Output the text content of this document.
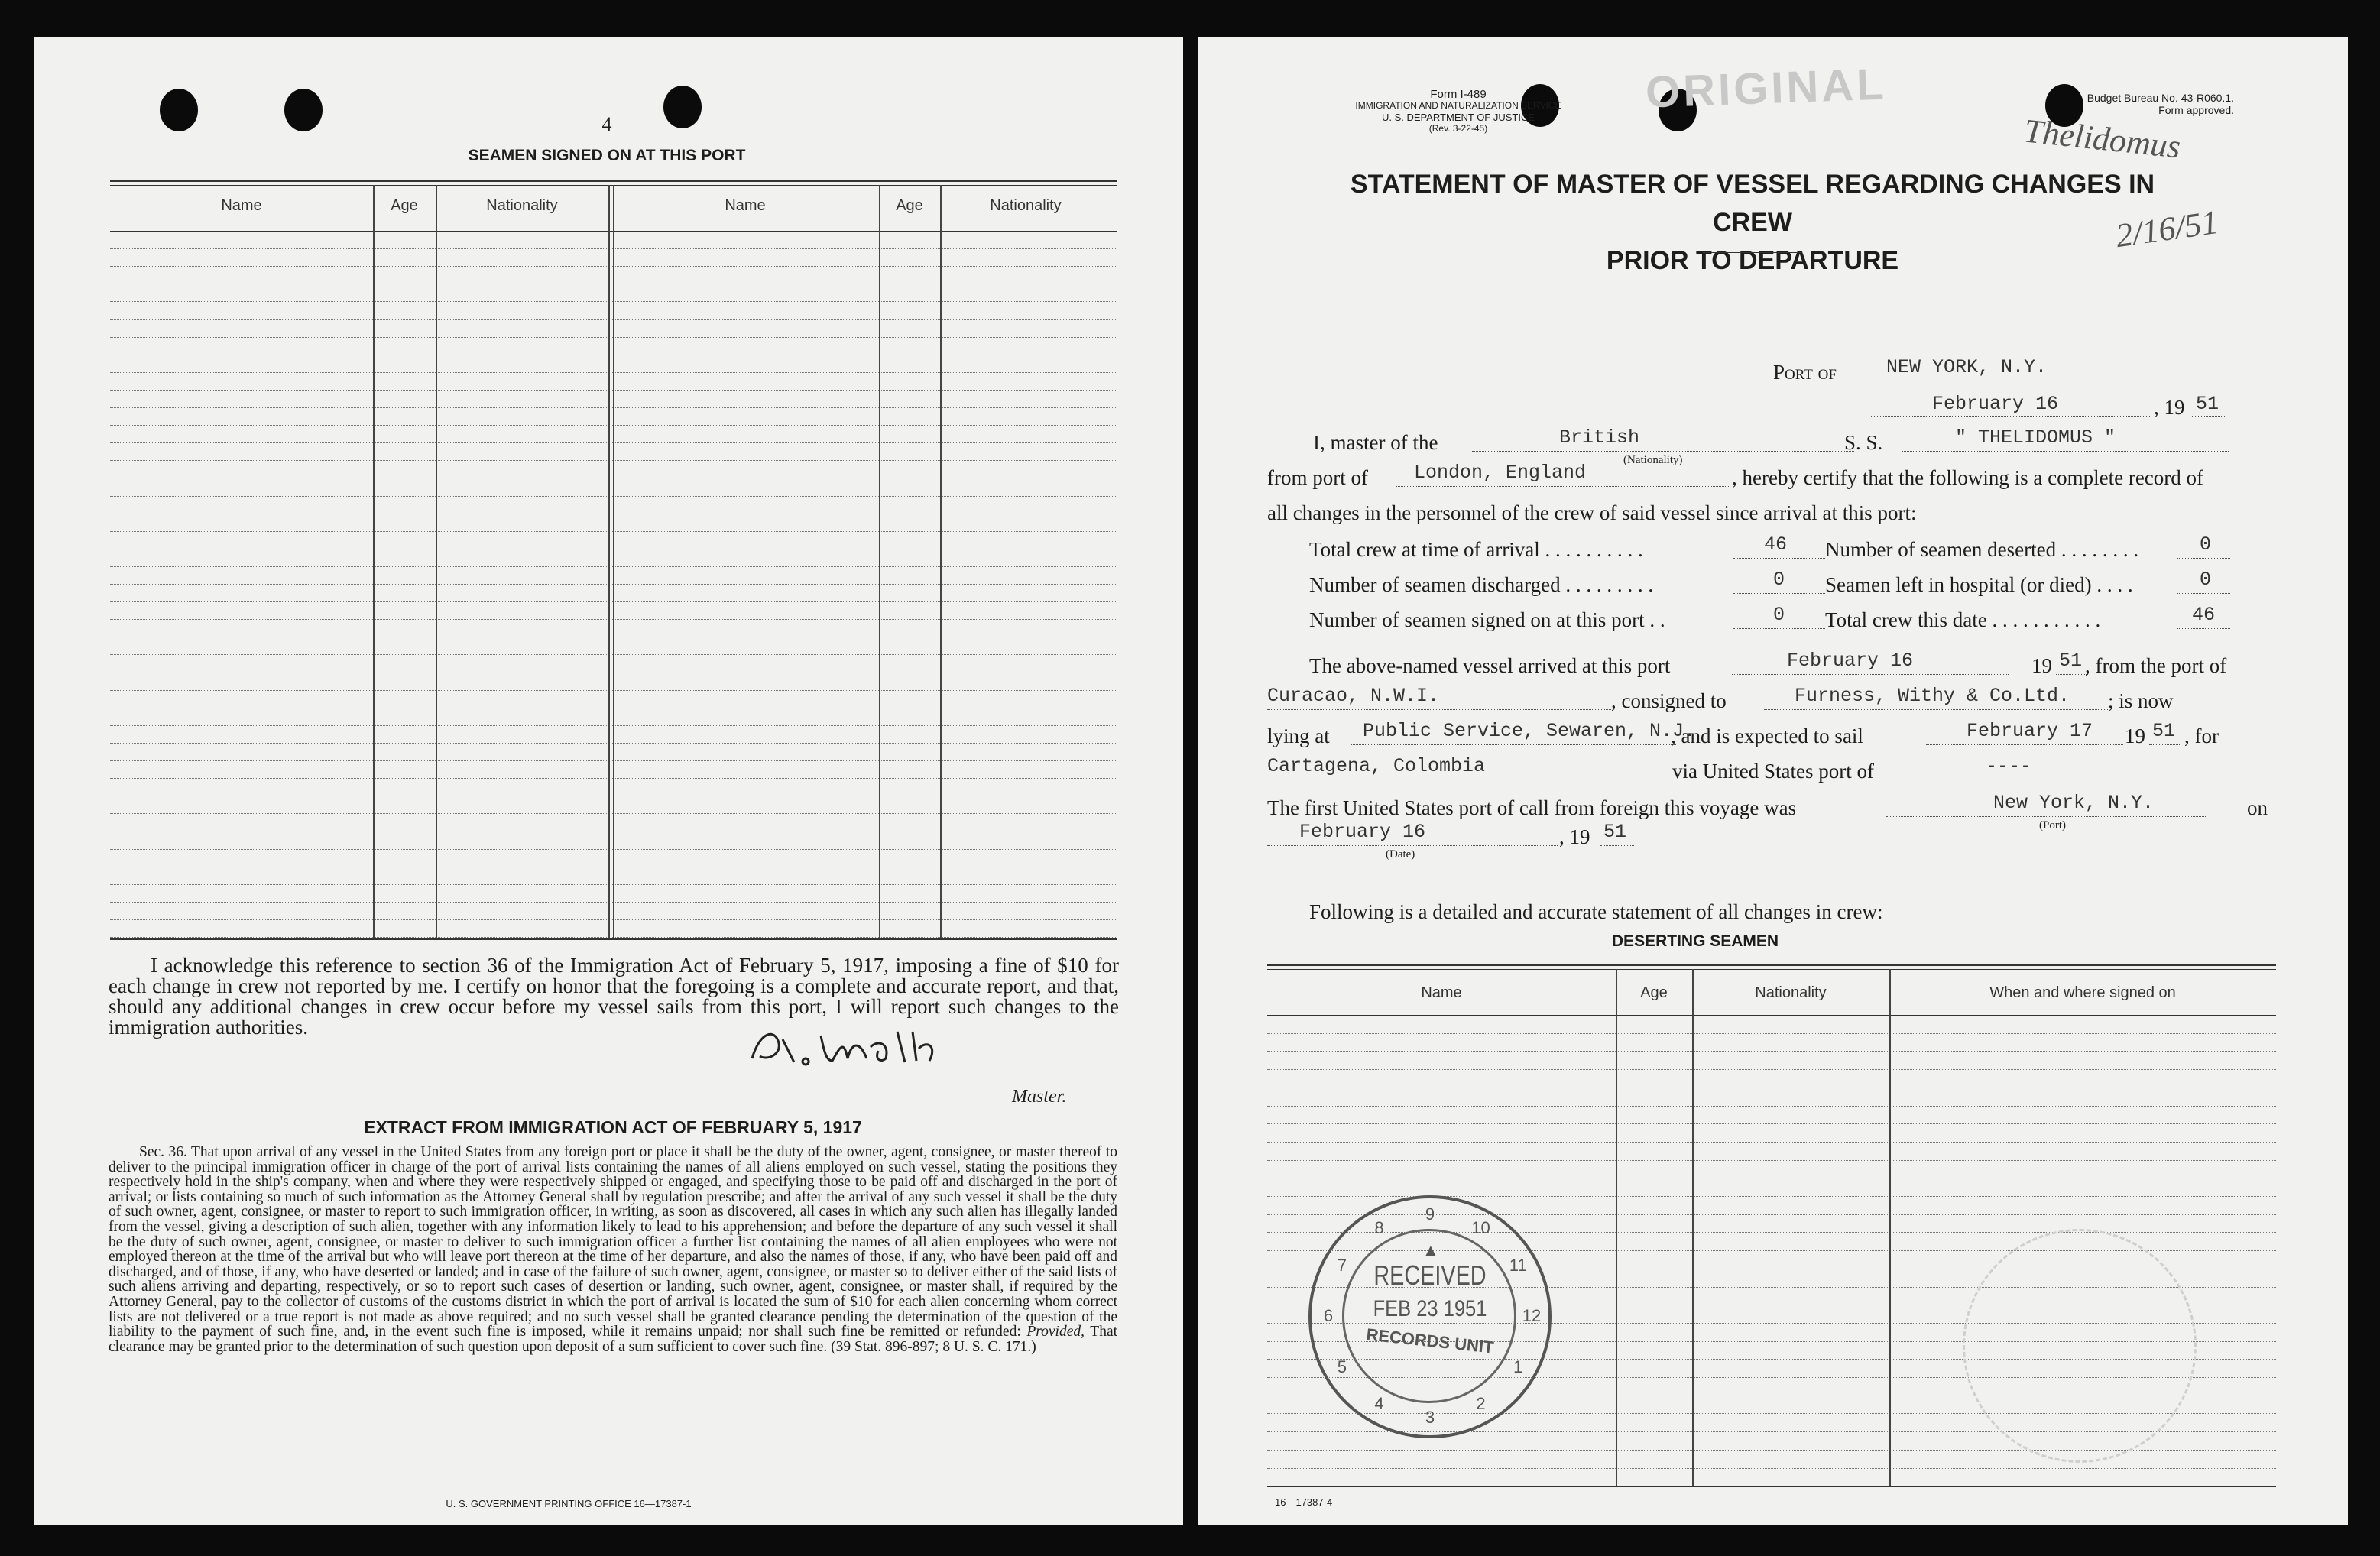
4
SEAMEN SIGNED ON AT THIS PORT
Name	Age	Nationality	Name	Age	Nationality
I acknowledge this reference to section 36 of the Immigration Act of February 5, 1917, imposing a fine of $10 for each change in crew not reported by me. I certify on honor that the foregoing is a complete and accurate report, and that, should any additional changes in crew occur before my vessel sails from this port, I will report such changes to the immigration authorities.
Master.
EXTRACT FROM IMMIGRATION ACT OF FEBRUARY 5, 1917
Sec. 36. That upon arrival of any vessel in the United States from any foreign port or place it shall be the duty of the owner, agent, consignee, or master thereof to deliver to the principal immigration officer in charge of the port of arrival lists containing the names of all aliens employed on such vessel, stating the positions they respectively hold in the ship's company, when and where they were respectively shipped or engaged, and specifying those to be paid off and discharged in the port of arrival; or lists containing so much of such information as the Attorney General shall by regulation prescribe; and after the arrival of any such vessel it shall be the duty of such owner, agent, consignee, or master to report to such immigration officer, in writing, as soon as discovered, all cases in which any such alien has illegally landed from the vessel, giving a description of such alien, together with any information likely to lead to his apprehension; and before the departure of any such vessel it shall be the duty of such owner, agent, consignee, or master to deliver to such immigration officer a further list containing the names of all alien employees who were not employed thereon at the time of the arrival but who will leave port thereon at the time of her departure, and also the names of those, if any, who have been paid off and discharged, and of those, if any, who have deserted or landed; and in case of the failure of such owner, agent, consignee, or master so to deliver either of the said lists of such aliens arriving and departing, respectively, or so to report such cases of desertion or landing, such owner, agent, consignee, or master shall, if required by the Attorney General, pay to the collector of customs of the customs district in which the port of arrival is located the sum of $10 for each alien concerning whom correct lists are not delivered or a true report is not made as above required; and no such vessel shall be granted clearance pending the determination of the question of the liability to the payment of such fine, and, in the event such fine is imposed, while it remains unpaid; nor shall such fine be remitted or refunded: Provided, That clearance may be granted prior to the determination of such question upon deposit of a sum sufficient to cover such fine. (39 Stat. 896-897; 8 U. S. C. 171.)
U. S. GOVERNMENT PRINTING OFFICE 16—17387-1
Form I-489
IMMIGRATION AND NATURALIZATION SERVICE
U. S. DEPARTMENT OF JUSTICE
(Rev. 3-22-45)
ORIGINAL	Budget Bureau No. 43-R060.1.
Form approved.
Thelidomus
2/16/51
STATEMENT OF MASTER OF VESSEL REGARDING CHANGES IN CREW
PRIOR TO DEPARTURE
Port of	NEW YORK, N.Y.
February 16	, 19 51
I, master of the	British
(Nationality)
S. S.	" THELIDOMUS "
from port of London, England	, hereby certify that the following is a complete record of
all changes in the personnel of the crew of said vessel since arrival at this port:
Total crew at time of arrival . . . . . . . . . .	46 Number of seamen deserted . . . . . . . .	0
Number of seamen discharged . . . . . . . . .	0 Seamen left in hospital (or died) . . . .	0
Number of seamen signed on at this port . .	0 Total crew this date . . . . . . . . . . .	46
The above-named vessel arrived at this port	February 16	19 51 , from the port of
Curacao, N.W.I.	, consigned to	Furness, Withy & Co.Ltd. ; is now
lying at Public Service, Sewaren, N.J.
, and is expected to sail	February 17 19 51 , for
Cartagena, Colombia	via United States port of	----
The first United States port of call from foreign this voyage was	New York, N.Y.
(Port)
on
February 16
(Date)
, 19 51
Following is a detailed and accurate statement of all changes in crew:
DESERTING SEAMEN
Name	Age	Nationality	When and where signed on
10
11
12
1
2
3
4
5
6
7
8
9
▲
RECEIVED
FEB 23 1951
RECORDS UNIT
16—17387-4
